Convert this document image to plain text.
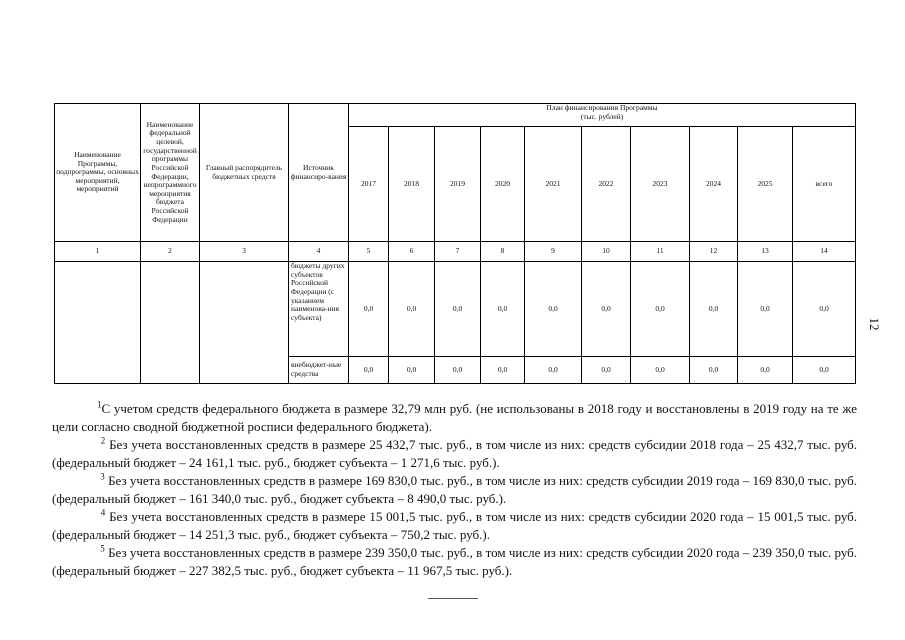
Наименование Программы, подпрограммы, основных мероприятий, мероприятий	Наименование федеральной целевой, государственной программы Российской Федерации, непрограммного мероприятия бюджета Российской Федерации	Главный распорядитель бюджетных средств	Источник финансиро-вания	План финансирования Программы
(тыс. рублей)									

				2017	2018	2019	2020	2021	2022	2023	2024	2025	всего
1	2	3	4	5	6	7	8	9	10	11	12	13	14
			бюджеты других субъектов Российской Федерации (с указанием наименова-ния субъекта)	0,0	0,0	0,0	0,0	0,0	0,0	0,0	0,0	0,0	0,0
			внебюджет-ные средства	0,0	0,0	0,0	0,0	0,0	0,0	0,0	0,0	0,0	0,0
12

$^1$С учетом средств федерального бюджета в размере 32,79 млн руб. (не использованы в 2018 году и восстановлены в 2019 году на те же цели согласно сводной бюджетной росписи федерального бюджета).

$^2$ Без учета восстановленных средств в размере 25 432,7 тыс. руб., в том числе из них: средств субсидии 2018 года – 25 432,7 тыс. руб. (федеральный бюджет – 24 161,1 тыс. руб., бюджет субъекта – 1 271,6 тыс. руб.).

$^3$ Без учета восстановленных средств в размере 169 830,0 тыс. руб., в том числе из них: средств субсидии 2019 года – 169 830,0 тыс. руб. (федеральный бюджет – 161 340,0 тыс. руб., бюджет субъекта – 8 490,0 тыс. руб.).

$^4$ Без учета восстановленных средств в размере 15 001,5 тыс. руб., в том числе из них: средств субсидии 2020 года – 15 001,5 тыс. руб. (федеральный бюджет – 14 251,3 тыс. руб., бюджет субъекта – 750,2 тыс. руб.).

$^5$ Без учета восстановленных средств в размере 239 350,0 тыс. руб., в том числе из них: средств субсидии 2020 года – 239 350,0 тыс. руб. (федеральный бюджет – 227 382,5 тыс. руб., бюджет субъекта – 11 967,5 тыс. руб.).
